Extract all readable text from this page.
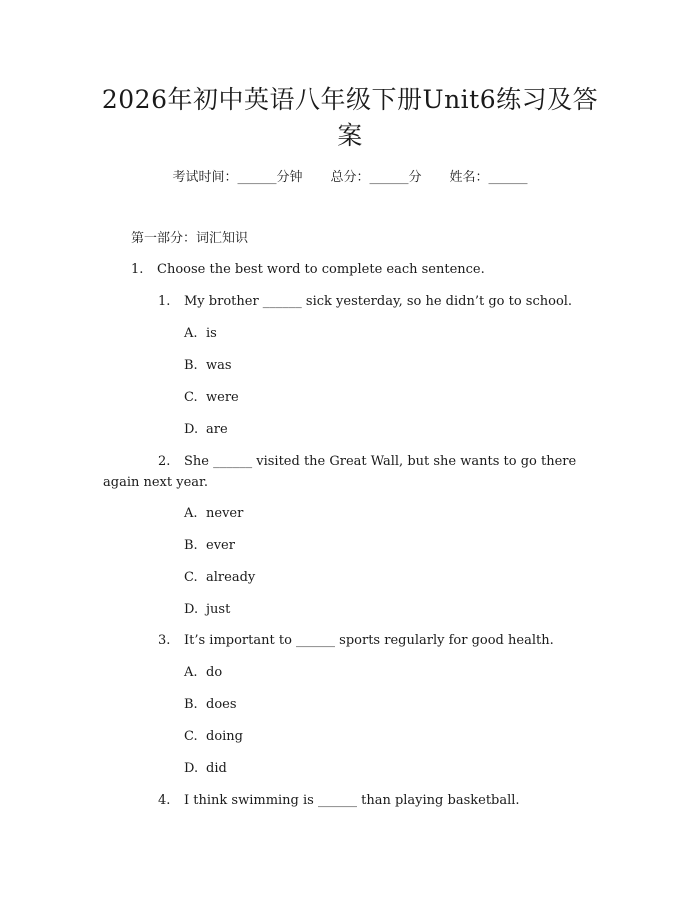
2026年初中英语八年级下册Unit6练习及答案
考试时间：______分钟 总分：______分 姓名：______
第一部分：词汇知识
1. Choose the best word to complete each sentence.
1. My brother ______ sick yesterday, so he didn’t go to school.
A. is
B. was
C. were
D. are
2. She ______ visited the Great Wall, but she wants to go there
again next year.
A. never
B. ever
C. already
D. just
3. It’s important to ______ sports regularly for good health.
A. do
B. does
C. doing
D. did
4. I think swimming is ______ than playing basketball.
